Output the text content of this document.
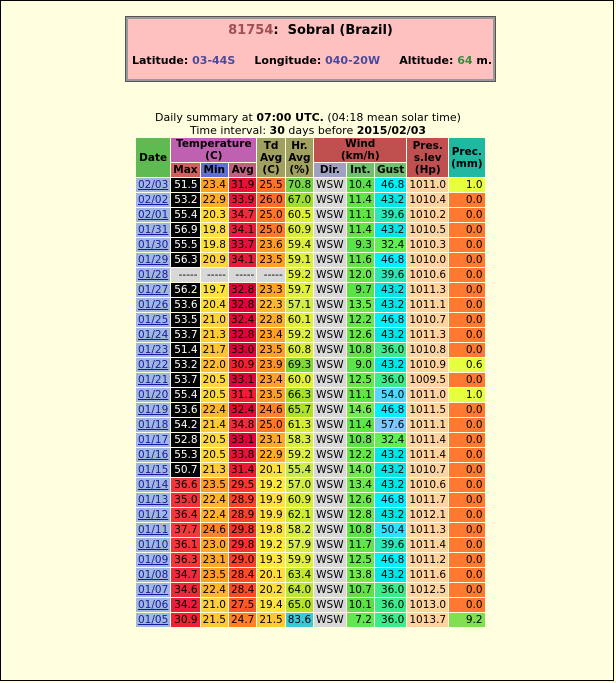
81754:  Sobral (Brazil)
Latitude: 03-44S Longitude: 040-20W Altitude: 64 m.
Daily summary at 07:00 UTC. (04:18 mean solar time)
Time interval: 30 days before 2015/02/03
Date	Temperature
(C)			Td
Avg
(C)	Hr.
Avg
(%)	Wind
(km/h)			Pres.
s.lev
(Hp)	Prec.
(mm)
	Max	Min	Avg			Dir.	Int.	Gust		
02/03	51.5	23.4	31.9	25.5	70.8	WSW	10.4	46.8	1011.0	1.0
02/02	53.2	22.9	33.9	26.0	67.0	WSW	11.4	43.2	1010.4	0.0
02/01	55.4	20.3	34.7	25.0	60.5	WSW	11.1	39.6	1010.2	0.0
01/31	56.9	19.8	34.1	25.0	60.9	WSW	11.4	43.2	1010.5	0.0
01/30	55.5	19.8	33.7	23.6	59.4	WSW	9.3	32.4	1010.3	0.0
01/29	56.3	20.9	34.1	23.5	59.1	WSW	11.6	46.8	1010.0	0.0
01/28	-----	-----	-----	-----	59.2	WSW	12.0	39.6	1010.6	0.0
01/27	56.2	19.7	32.8	23.3	59.7	WSW	9.7	43.2	1011.3	0.0
01/26	53.6	20.4	32.8	22.3	57.1	WSW	13.5	43.2	1011.1	0.0
01/25	53.5	21.0	32.4	22.8	60.1	WSW	12.2	46.8	1010.7	0.0
01/24	53.7	21.3	32.8	23.4	59.2	WSW	12.6	43.2	1011.3	0.0
01/23	51.4	21.7	33.0	23.5	60.8	WSW	10.8	36.0	1010.8	0.0
01/22	53.2	22.0	30.9	23.9	69.3	WSW	9.0	43.2	1010.9	0.6
01/21	53.7	20.5	33.1	23.4	60.0	WSW	12.5	36.0	1009.5	0.0
01/20	55.4	20.5	31.1	23.5	66.3	WSW	11.1	54.0	1011.0	1.0
01/19	53.6	22.4	32.4	24.6	65.7	WSW	14.6	46.8	1011.5	0.0
01/18	54.2	21.4	34.8	25.0	61.3	WSW	11.4	57.6	1011.1	0.0
01/17	52.8	20.5	33.1	23.1	58.3	WSW	10.8	32.4	1011.4	0.0
01/16	55.3	20.5	33.8	22.9	59.2	WSW	12.2	43.2	1011.4	0.0
01/15	50.7	21.3	31.4	20.1	55.4	WSW	14.0	43.2	1010.7	0.0
01/14	36.6	23.5	29.5	19.2	57.0	WSW	13.4	43.2	1010.6	0.0
01/13	35.0	22.4	28.9	19.9	60.9	WSW	12.6	46.8	1011.7	0.0
01/12	36.4	22.4	28.9	19.9	62.1	WSW	12.8	43.2	1012.1	0.0
01/11	37.7	24.6	29.8	19.8	58.2	WSW	10.8	50.4	1011.3	0.0
01/10	36.1	23.0	29.8	19.2	57.9	WSW	11.7	39.6	1011.4	0.0
01/09	36.3	23.1	29.0	19.3	59.9	WSW	12.5	46.8	1011.2	0.0
01/08	34.7	23.5	28.4	20.1	63.4	WSW	13.8	43.2	1011.6	0.0
01/07	34.6	22.4	28.4	20.2	64.0	WSW	10.7	36.0	1012.5	0.0
01/06	34.2	21.0	27.5	19.4	65.0	WSW	10.1	36.0	1013.0	0.0
01/05	30.9	21.5	24.7	21.5	83.6	WSW	7.2	36.0	1013.7	9.2
